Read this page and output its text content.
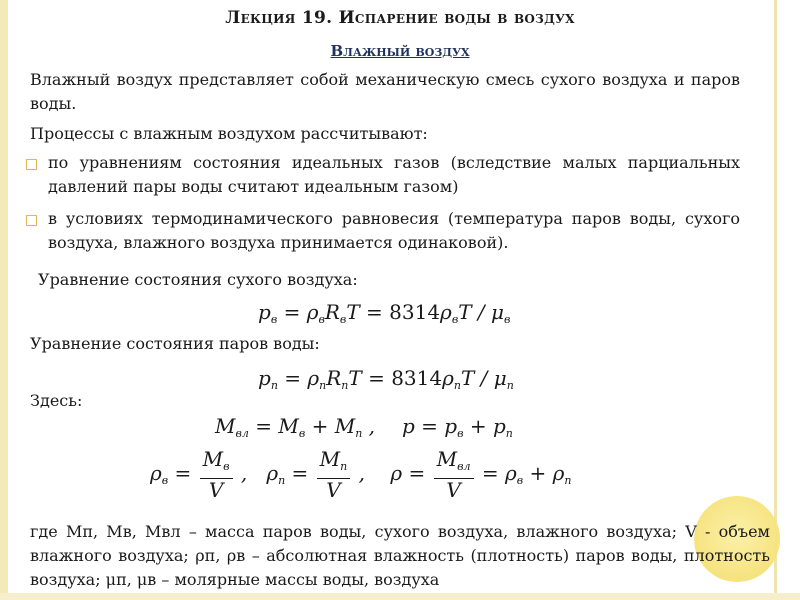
Лекция 19. Испарение воды в воздух
Влажный воздух
Влажный воздух представляет собой механическую смесь сухого воздуха и паров воды.
Процессы с влажным воздухом рассчитывают:
по уравнениям состояния идеальных газов (вследствие малых парциальных давлений пары воды считают идеальным газом)
в условиях термодинамического равновесия (температура паров воды, сухого воздуха, влажного воздуха принимается одинаковой).
Уравнение состояния сухого воздуха:
$p_в = \rho_вR_вT = 8314\rho_вT / \mu_в$
Уравнение состояния паров воды:
$p_п = \rho_пR_пT = 8314\rho_пT / \mu_п$
Здесь:
$M_{вл} = M_в + M_п$ , $p = p_в + p_п$
$\rho_в = \frac{M_в}{V}$ ,   $\rho_п = \frac{M_п}{V}$ ,    $\rho = \frac{M_{вл}}{V} = \rho_в + \rho_п$
где Mп, Mв, Mвл – масса паров воды, сухого воздуха, влажного воздуха; V - объем влажного воздуха; ρп, ρв – абсолютная влажность (плотность) паров воды, плотность воздуха; μп, μв – молярные массы воды, воздуха
